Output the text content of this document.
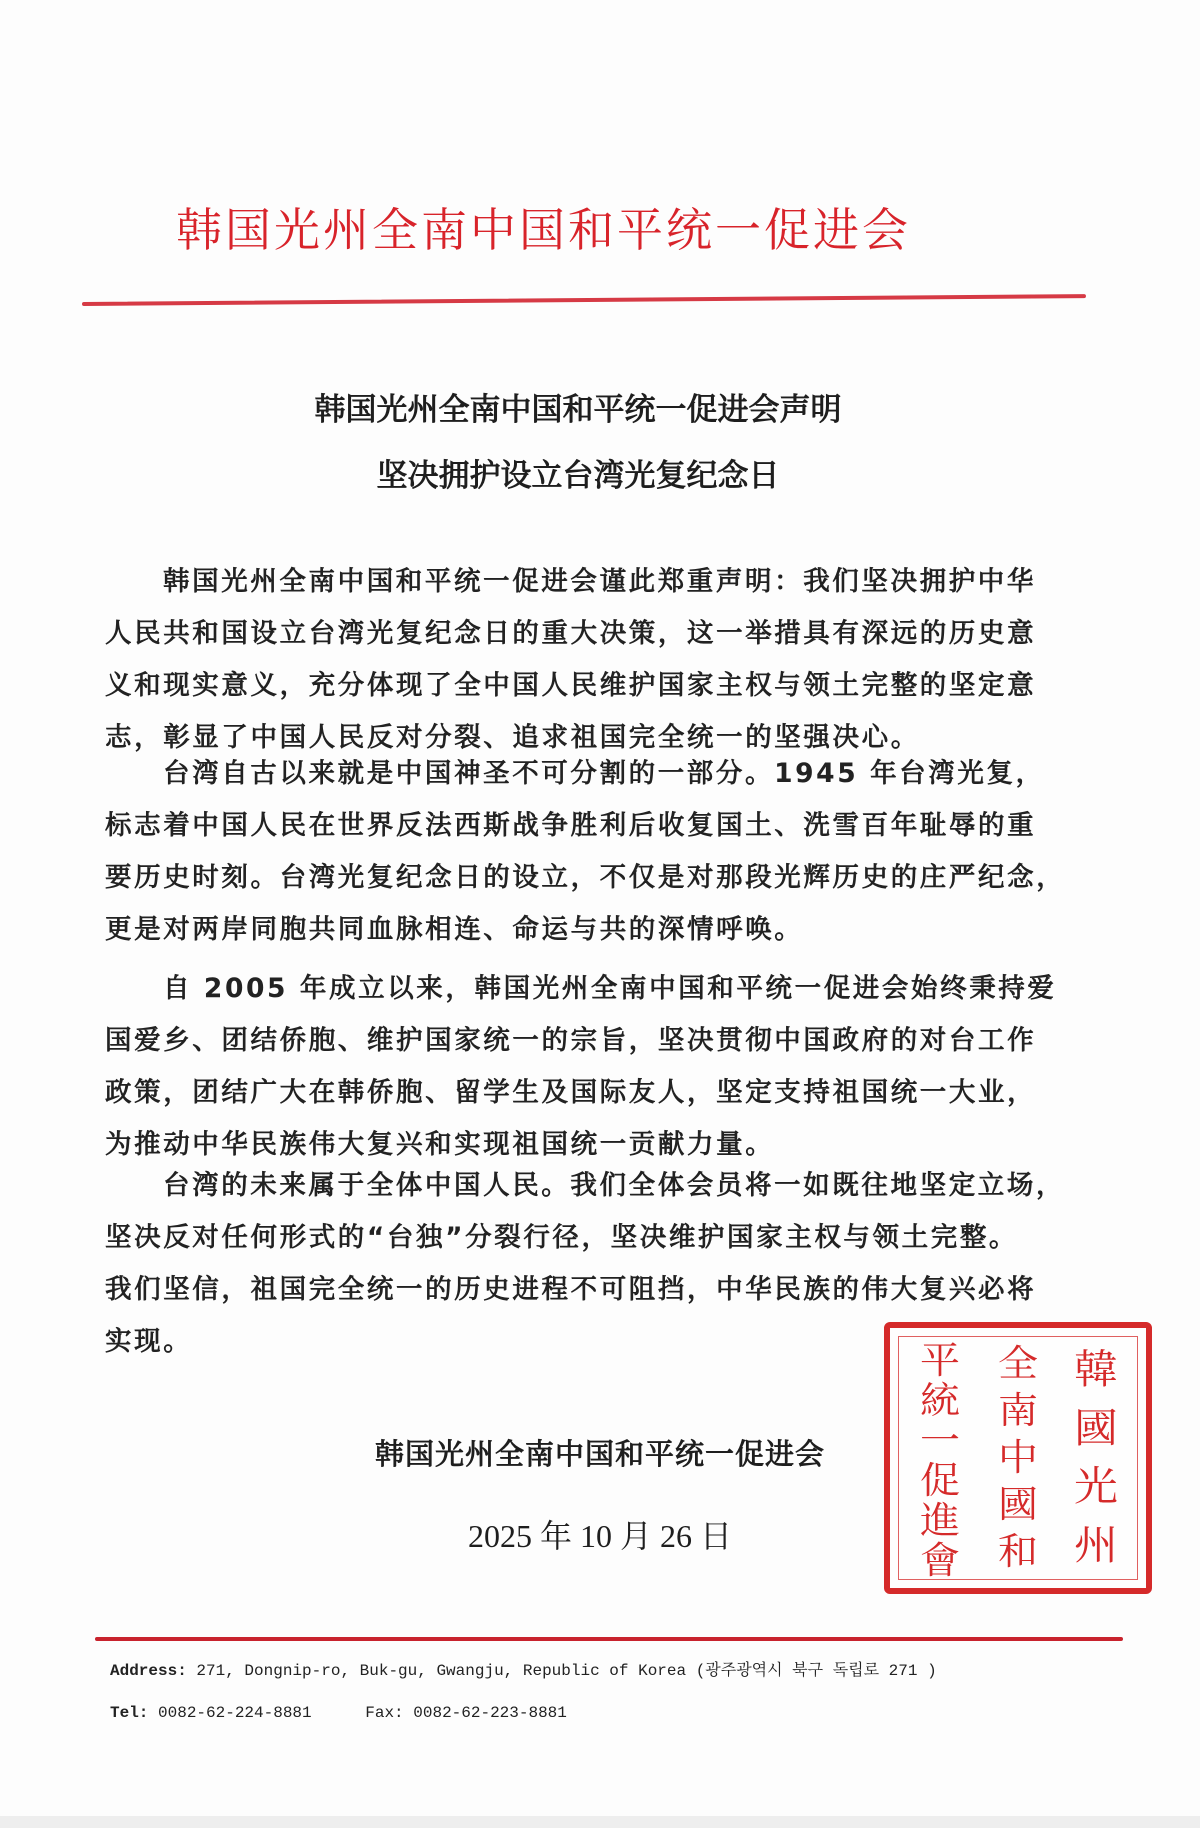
韩国光州全南中国和平统一促进会
韩国光州全南中国和平统一促进会声明
坚决拥护设立台湾光复纪念日
韩国光州全南中国和平统一促进会谨此郑重声明：我们坚决拥护中华
人民共和国设立台湾光复纪念日的重大决策，这一举措具有深远的历史意
义和现实意义，充分体现了全中国人民维护国家主权与领土完整的坚定意
志，彰显了中国人民反对分裂、追求祖国完全统一的坚强决心。
台湾自古以来就是中国神圣不可分割的一部分。1945 年台湾光复，
标志着中国人民在世界反法西斯战争胜利后收复国土、洗雪百年耻辱的重
要历史时刻。台湾光复纪念日的设立，不仅是对那段光辉历史的庄严纪念，
更是对两岸同胞共同血脉相连、命运与共的深情呼唤。
自 2005 年成立以来，韩国光州全南中国和平统一促进会始终秉持爱
国爱乡、团结侨胞、维护国家统一的宗旨，坚决贯彻中国政府的对台工作
政策，团结广大在韩侨胞、留学生及国际友人，坚定支持祖国统一大业，
为推动中华民族伟大复兴和实现祖国统一贡献力量。
台湾的未来属于全体中国人民。我们全体会员将一如既往地坚定立场，
坚决反对任何形式的“台独”分裂行径，坚决维护国家主权与领土完整。
我们坚信，祖国完全统一的历史进程不可阻挡，中华民族的伟大复兴必将
实现。
韩国光州全南中国和平统一促进会
2025 年 10 月 26 日
韓
國
光
州
全
南
中
國
和
平
統
一
促
進
會
Address: 271, Dongnip-ro, Buk-gu, Gwangju, Republic of Korea (광주광역시 북구 독립로 271 )
Tel: 0082-62-224-8881	Fax: 0082-62-223-8881
